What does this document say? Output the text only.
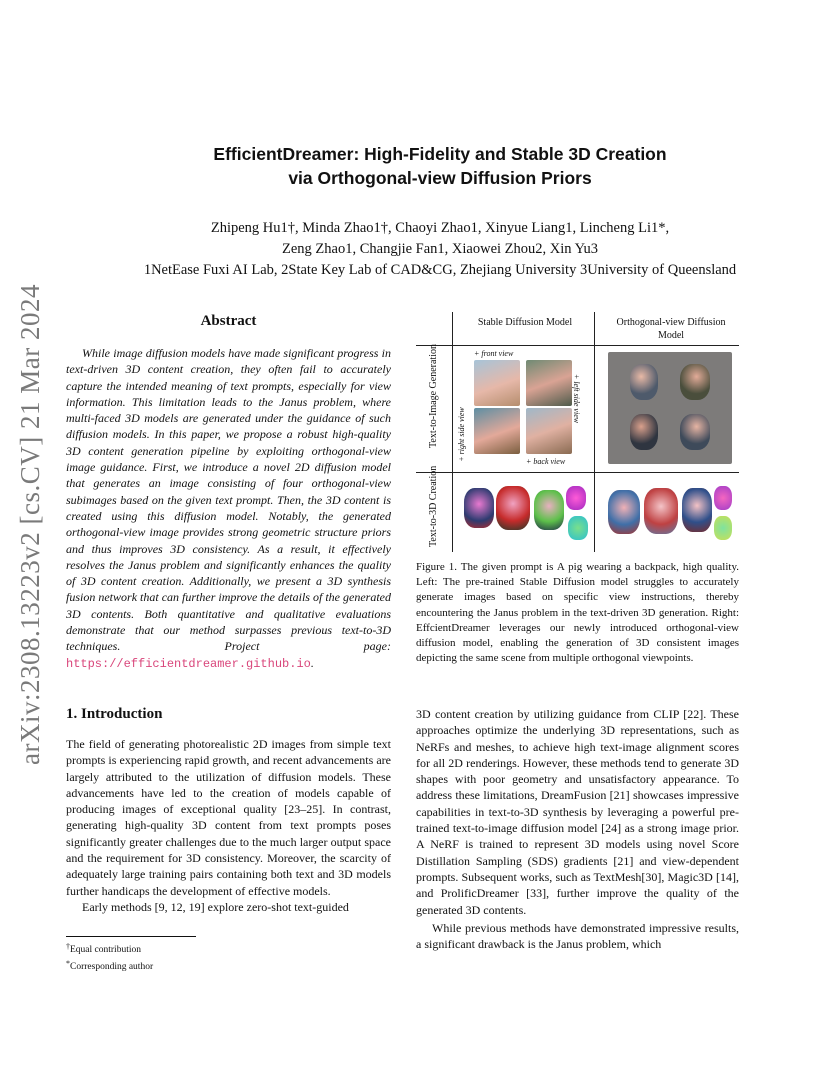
arXiv:2308.13223v2 [cs.CV] 21 Mar 2024
EfficientDreamer: High-Fidelity and Stable 3D Creation
via Orthogonal-view Diffusion Priors
Zhipeng Hu1†, Minda Zhao1†, Chaoyi Zhao1, Xinyue Liang1, Lincheng Li1*,
Zeng Zhao1, Changjie Fan1, Xiaowei Zhou2, Xin Yu3
1NetEase Fuxi AI Lab, 2State Key Lab of CAD&CG, Zhejiang University 3University of Queensland
Abstract
While image diffusion models have made significant progress in text-driven 3D content creation, they often fail to accurately capture the intended meaning of text prompts, especially for view information. This limitation leads to the Janus problem, where multi-faced 3D models are generated under the guidance of such diffusion models. In this paper, we propose a robust high-quality 3D content generation pipeline by exploiting orthogonal-view image guidance. First, we introduce a novel 2D diffusion model that generates an image consisting of four orthogonal-view subimages based on the given text prompt. Then, the 3D content is created using this diffusion model. Notably, the generated orthogonal-view image provides strong geometric structure priors and thus improves 3D consistency. As a result, it effectively resolves the Janus problem and significantly enhances the quality of 3D content creation. Additionally, we present a 3D synthesis fusion network that can further improve the details of the generated 3D contents. Both quantitative and qualitative evaluations demonstrate that our method surpasses previous text-to-3D techniques. Project page: https://efficientdreamer.github.io.
1. Introduction

The field of generating photorealistic 2D images from simple text prompts is experiencing rapid growth, and recent advancements are largely attributed to the utilization of diffusion models. These advancements have led to the creation of models capable of producing images of exceptional quality [23–25]. In contrast, generating high-quality 3D content from text prompts poses significantly greater challenges due to the much larger output space and the requirement for 3D consistency. Moreover, the scarcity of adequately large training pairs containing both text and 3D models further handicaps the development of effective models.

Early methods [9, 12, 19] explore zero-shot text-guided

†Equal contribution
*Corresponding author
Stable Diffusion Model	Orthogonal-view Diffusion Model
Text-to-Image Generation
Text-to-3D Creation
+ front view
+ left side view
+ right side view	+ back view
Figure 1. The given prompt is A pig wearing a backpack, high quality. Left: The pre-trained Stable Diffusion model struggles to accurately generate images based on specific view instructions, thereby encountering the Janus problem in the text-driven 3D generation. Right: EffcientDreamer leverages our newly introduced orthogonal-view diffusion model, enabling the generation of 3D consistent images depicting the same scene from multiple orthogonal viewpoints.

3D content creation by utilizing guidance from CLIP [22]. These approaches optimize the underlying 3D representations, such as NeRFs and meshes, to achieve high text-image alignment scores for all 2D renderings. However, these methods tend to generate 3D shapes with poor geometry and unsatisfactory appearance. To address these limitations, DreamFusion [21] showcases impressive capabilities in text-to-3D synthesis by leveraging a powerful pre-trained text-to-image diffusion model [24] as a strong image prior. A NeRF is trained to represent 3D models using novel Score Distillation Sampling (SDS) gradients [21] and view-dependent prompts. Subsequent works, such as TextMesh[30], Magic3D [14], and ProlificDreamer [33], further improve the quality of the generated 3D contents.

While previous methods have demonstrated impressive results, a significant drawback is the Janus problem, which
